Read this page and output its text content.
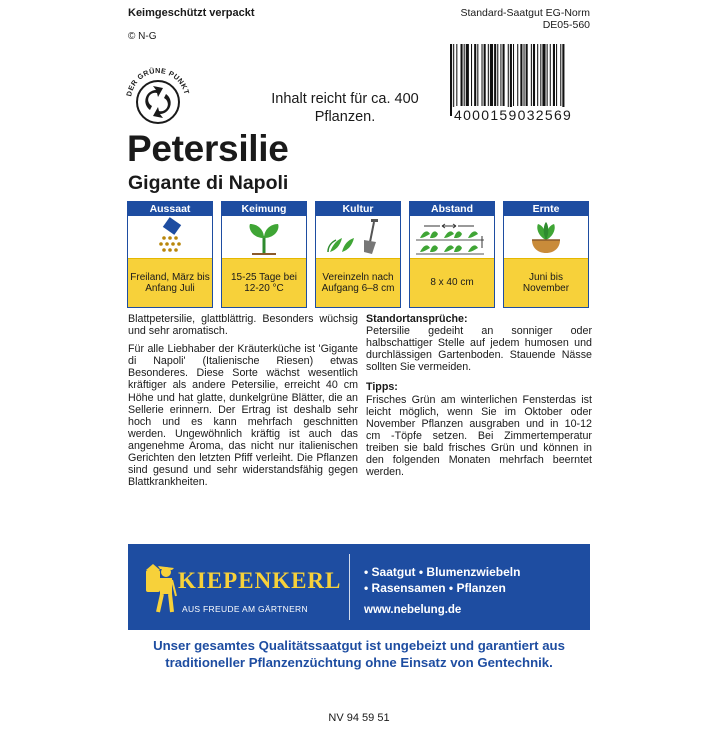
Keimgeschützt verpackt
© N-G
Standard-Saatgut EG-Norm
DE05-560
DER GRÜNE PUNKT
4000159032569
Inhalt reicht für ca. 400 Pflanzen.
Petersilie
Gigante di Napoli
Aussaat
Freiland, März bis Anfang Juli
Keimung
15-25 Tage bei 12-20 °C
Kultur
Vereinzeln nach Aufgang 6–8 cm
Abstand
8 x 40 cm
Ernte
Juni bis November

Blattpetersilie, glattblättrig. Besonders wüchsig und sehr aromatisch.

Für alle Liebhaber der Kräuterküche ist 'Gigante di Napoli' (Italienische Riesen) etwas Besonderes. Diese Sorte wächst wesentlich kräftiger als andere Petersilie, erreicht 40 cm Höhe und hat glatte, dunkelgrüne Blätter, die an Sellerie erinnern. Der Ertrag ist deshalb sehr hoch und es kann mehrfach geschnitten werden. Ungewöhnlich kräftig ist auch das angenehme Aroma, das nicht nur italienischen Gerichten den letzten Pfiff verleiht. Die Pflanzen sind gesund und sehr widerstandsfähig gegen Blattkrankheiten.

Standortansprüche:

Petersilie gedeiht an sonniger oder halbschattiger Stelle auf jedem humosen und durchlässigen Gartenboden. Stauende Nässe sollten Sie vermeiden.

Tipps:

Frisches Grün am winterlichen Fensterdas ist leicht möglich, wenn Sie im Oktober oder November Pflanzen ausgraben und in 10-12 cm -Töpfe setzen. Bei Zimmertemperatur treiben sie bald frisches Grün und können in den folgenden Monaten mehrfach beerntet werden.

KIEPENKERL
AUS FREUDE AM GÄRTNERN
• Saatgut • Blumenzwiebeln
• Rasensamen • Pflanzen
www.nebelung.de
Unser gesamtes Qualitätssaatgut ist ungebeizt und garantiert aus traditioneller Pflanzenzüchtung ohne Einsatz von Gentechnik.
NV 94 59 51
